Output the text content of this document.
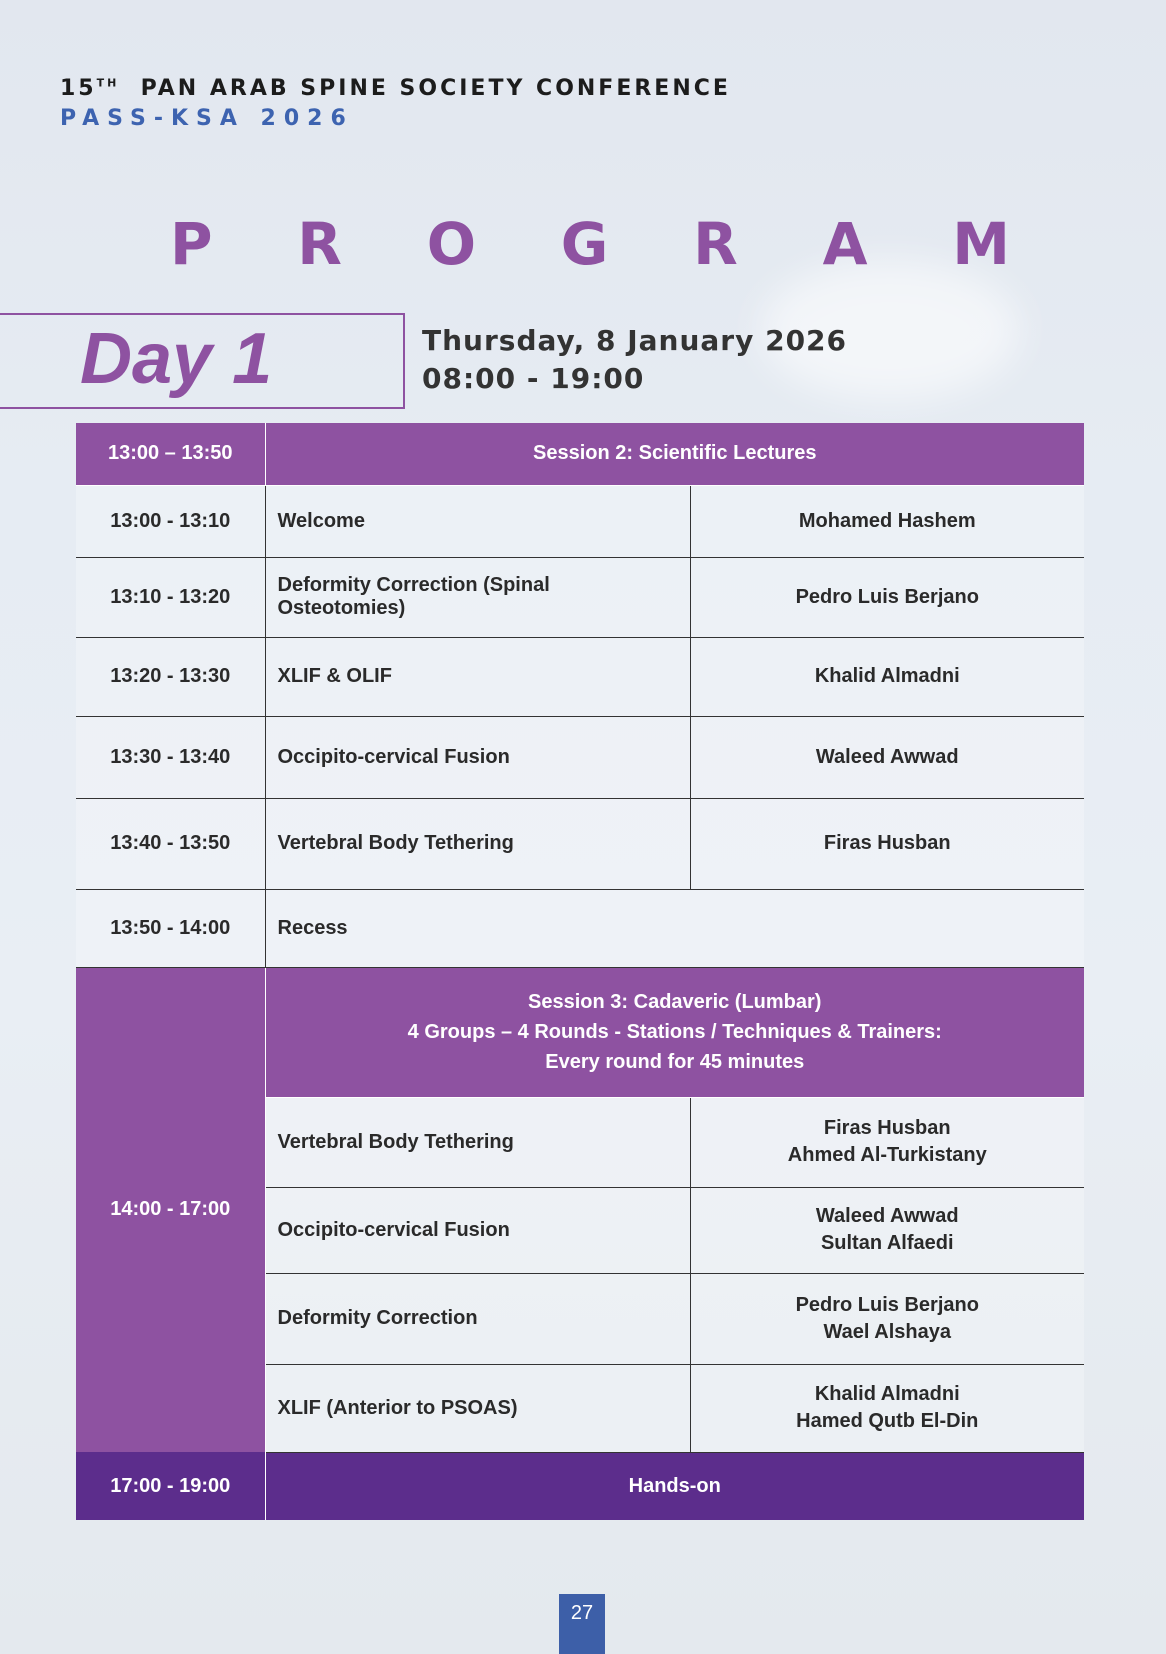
15TH PAN ARAB SPINE SOCIETY CONFERENCE
PASS-KSA 2026
P R O G R A M
Day 1	Thursday, 8 January 2026
08:00 - 19:00
13:00 – 13:50	Session 2: Scientific Lectures	
13:00 - 13:10	Welcome	Mohamed Hashem
13:10 - 13:20	Deformity Correction (Spinal Osteotomies)	Pedro Luis Berjano
13:20 - 13:30	XLIF & OLIF	Khalid Almadni
13:30 - 13:40	Occipito-cervical Fusion	Waleed Awwad
13:40 - 13:50	Vertebral Body Tethering	Firas Husban
13:50 - 14:00	Recess	
14:00 - 17:00	Session 3: Cadaveric (Lumbar)
4 Groups – 4 Rounds - Stations / Techniques & Trainers:
Every round for 45 minutes	

	Vertebral Body Tethering	Firas Husban
Ahmed Al-Turkistany

	Occipito-cervical Fusion	Waleed Awwad
Sultan Alfaedi

	Deformity Correction	Pedro Luis Berjano
Wael Alshaya

	XLIF (Anterior to PSOAS)	Khalid Almadni
Hamed Qutb El-Din

17:00 - 19:00	Hands-on	
27
